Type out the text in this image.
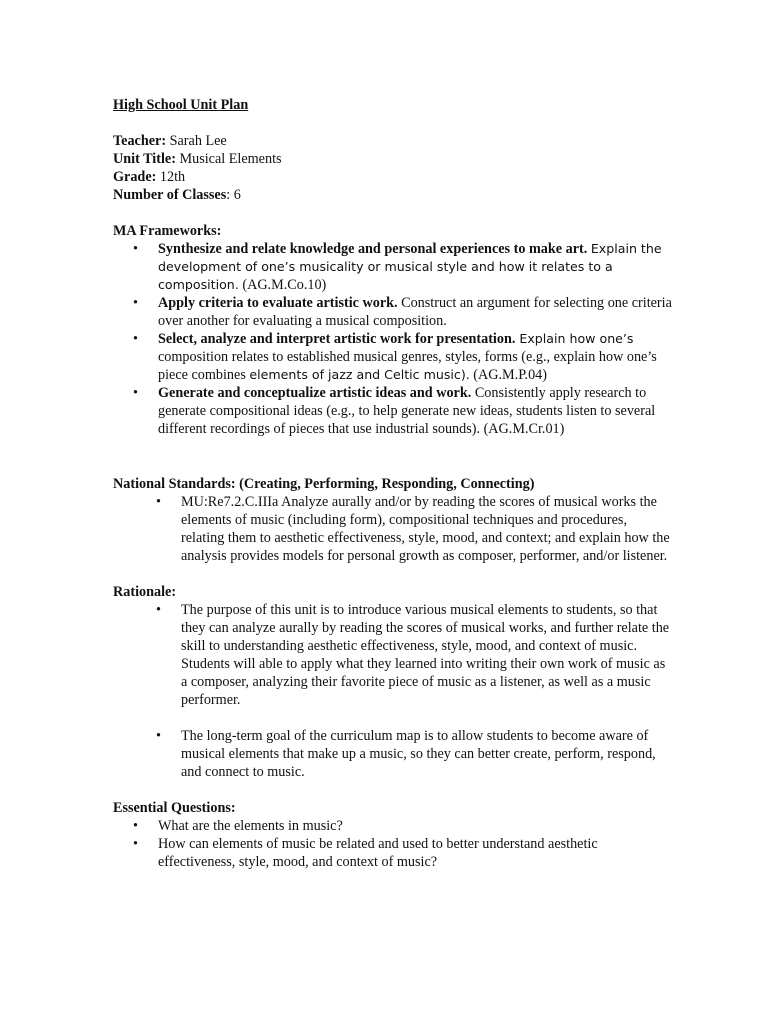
High School Unit Plan

Teacher: Sarah Lee

Unit Title: Musical Elements

Grade: 12th

Number of Classes: 6

MA Frameworks:

• Synthesize and relate knowledge and personal experiences to make art. Explain the development of one’s musicality or musical style and how it relates to a composition. (AG.M.Co.10)
• Apply criteria to evaluate artistic work. Construct an argument for selecting one criteria over another for evaluating a musical composition.
• Select, analyze and interpret artistic work for presentation. Explain how one’s composition relates to established musical genres, styles, forms (e.g., explain how one’s piece combines elements of jazz and Celtic music). (AG.M.P.04)
• Generate and conceptualize artistic ideas and work. Consistently apply research to generate compositional ideas (e.g., to help generate new ideas, students listen to several different recordings of pieces that use industrial sounds). (AG.M.Cr.01)

National Standards: (Creating, Performing, Responding, Connecting)

• MU:Re7.2.C.IIIa Analyze aurally and/or by reading the scores of musical works the elements of music (including form), compositional techniques and procedures, relating them to aesthetic effectiveness, style, mood, and context; and explain how the analysis provides models for personal growth as composer, performer, and/or listener.

Rationale:

• The purpose of this unit is to introduce various musical elements to students, so that they can analyze aurally by reading the scores of musical works, and further relate the skill to understanding aesthetic effectiveness, style, mood, and context of music. Students will able to apply what they learned into writing their own work of music as a composer, analyzing their favorite piece of music as a listener, as well as a music performer.
• The long-term goal of the curriculum map is to allow students to become aware of musical elements that make up a music, so they can better create, perform, respond, and connect to music.

Essential Questions:

• What are the elements in music?
• How can elements of music be related and used to better understand aesthetic effectiveness, style, mood, and context of music?
